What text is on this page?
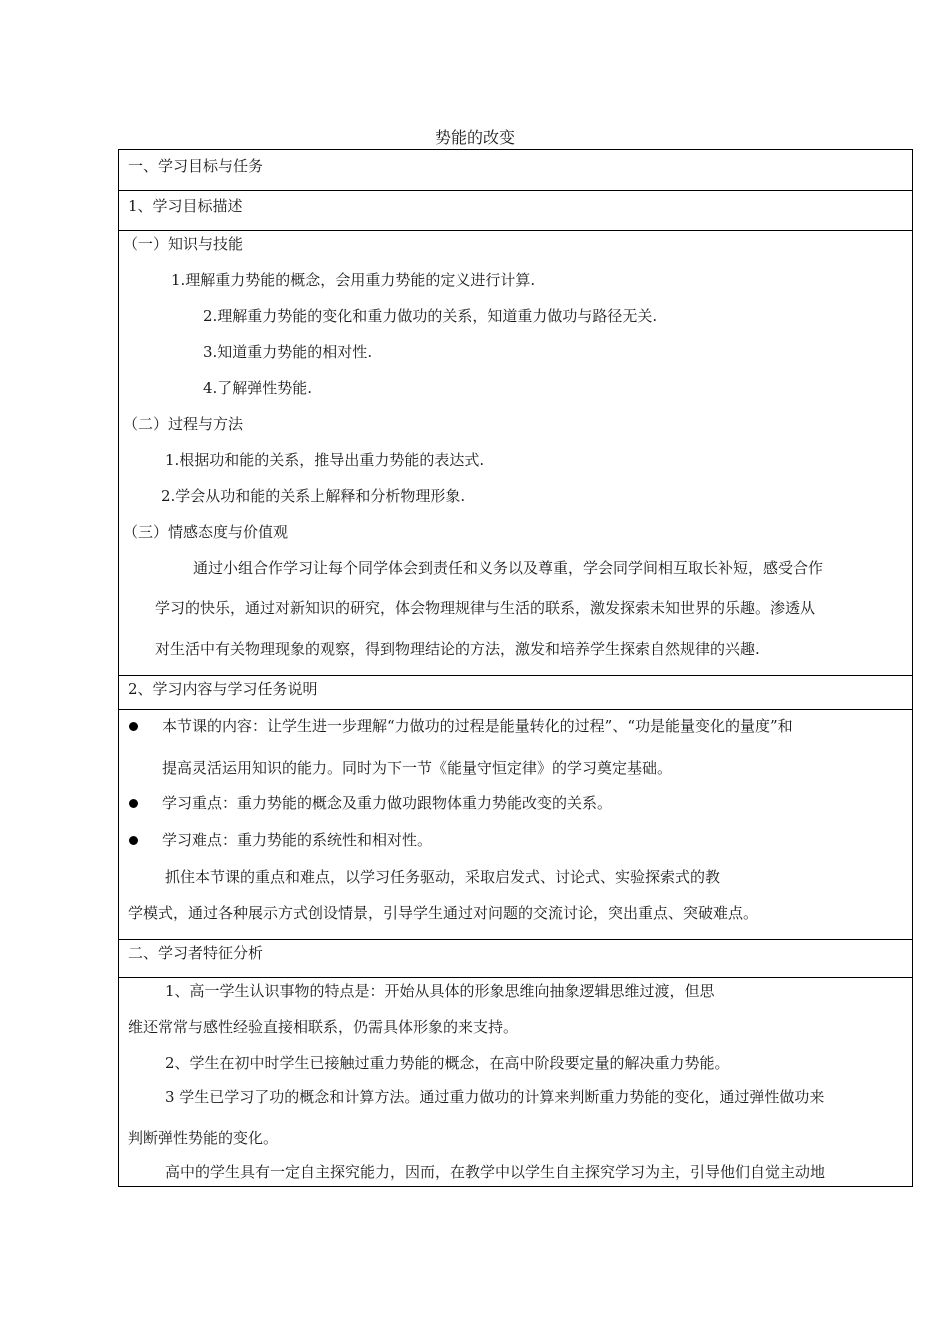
势能的改变
一、学习目标与任务
1、学习目标描述
（一）知识与技能
1.理解重力势能的概念，会用重力势能的定义进行计算.
2.理解重力势能的变化和重力做功的关系，知道重力做功与路径无关.
3.知道重力势能的相对性.
4.了解弹性势能.
（二）过程与方法
1.根据功和能的关系，推导出重力势能的表达式.
2.学会从功和能的关系上解释和分析物理形象.
（三）情感态度与价值观
通过小组合作学习让每个同学体会到责任和义务以及尊重，学会同学间相互取长补短，感受合作
学习的快乐，通过对新知识的研究，体会物理规律与生活的联系，激发探索未知世界的乐趣。渗透从
对生活中有关物理现象的观察，得到物理结论的方法，激发和培养学生探索自然规律的兴趣.
2、学习内容与学习任务说明
本节课的内容：让学生进一步理解“力做功的过程是能量转化的过程”、“功是能量变化的量度”和
提高灵活运用知识的能力。同时为下一节《能量守恒定律》的学习奠定基础。
学习重点：重力势能的概念及重力做功跟物体重力势能改变的关系。
学习难点：重力势能的系统性和相对性。
抓住本节课的重点和难点，以学习任务驱动，采取启发式、讨论式、实验探索式的教
学模式，通过各种展示方式创设情景，引导学生通过对问题的交流讨论，突出重点、突破难点。
二、学习者特征分析
1、高一学生认识事物的特点是：开始从具体的形象思维向抽象逻辑思维过渡，但思
维还常常与感性经验直接相联系，仍需具体形象的来支持。
2、学生在初中时学生已接触过重力势能的概念，在高中阶段要定量的解决重力势能。
3 学生已学习了功的概念和计算方法。通过重力做功的计算来判断重力势能的变化，通过弹性做功来
判断弹性势能的变化。
高中的学生具有一定自主探究能力，因而，在教学中以学生自主探究学习为主，引导他们自觉主动地
